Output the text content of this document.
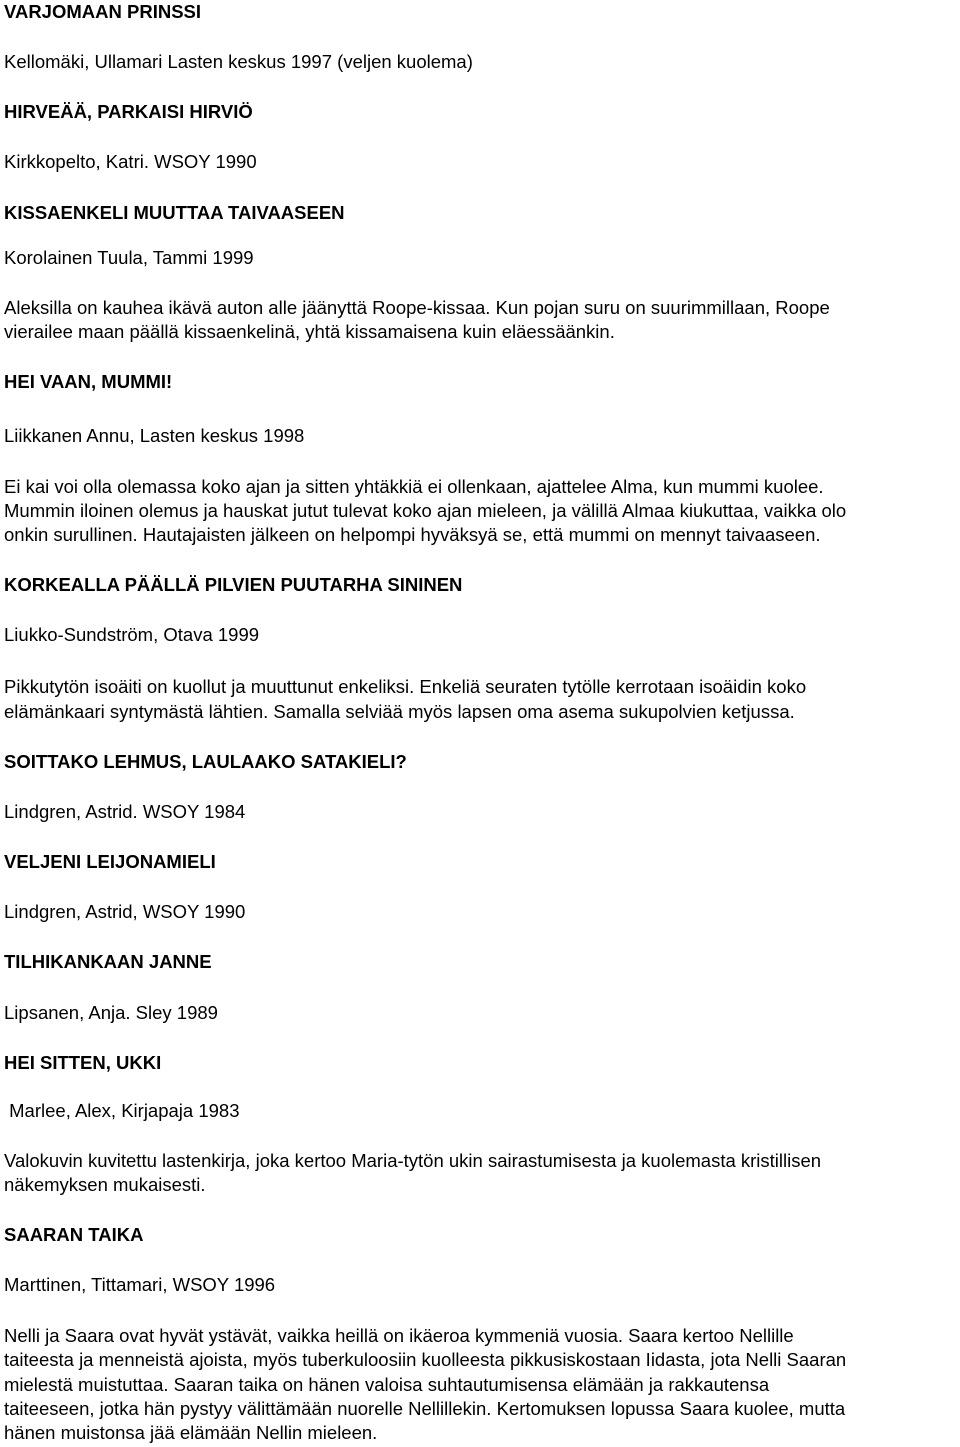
VARJOMAAN PRINSSI
Kellomäki, Ullamari Lasten keskus 1997 (veljen kuolema)
HIRVEÄÄ, PARKAISI HIRVIÖ
Kirkkopelto, Katri. WSOY 1990
KISSAENKELI MUUTTAA TAIVAASEEN
Korolainen Tuula, Tammi 1999
Aleksilla on kauhea ikävä auton alle jäänyttä Roope-kissaa. Kun pojan suru on suurimmillaan, Roope
vierailee maan päällä kissaenkelinä, yhtä kissamaisena kuin eläessäänkin.
HEI VAAN, MUMMI!
Liikkanen Annu, Lasten keskus 1998
Ei kai voi olla olemassa koko ajan ja sitten yhtäkkiä ei ollenkaan, ajattelee Alma, kun mummi kuolee.
Mummin iloinen olemus ja hauskat jutut tulevat koko ajan mieleen, ja välillä Almaa kiukuttaa, vaikka olo
onkin surullinen. Hautajaisten jälkeen on helpompi hyväksyä se, että mummi on mennyt taivaaseen.
KORKEALLA PÄÄLLÄ PILVIEN PUUTARHA SININEN
Liukko-Sundström, Otava 1999
Pikkutytön isoäiti on kuollut ja muuttunut enkeliksi. Enkeliä seuraten tytölle kerrotaan isoäidin koko
elämänkaari syntymästä lähtien. Samalla selviää myös lapsen oma asema sukupolvien ketjussa.
SOITTAKO LEHMUS, LAULAAKO SATAKIELI?
Lindgren, Astrid. WSOY 1984
VELJENI LEIJONAMIELI
Lindgren, Astrid, WSOY 1990
TILHIKANKAAN JANNE
Lipsanen, Anja. Sley 1989
HEI SITTEN, UKKI
Marlee, Alex, Kirjapaja 1983
Valokuvin kuvitettu lastenkirja, joka kertoo Maria-tytön ukin sairastumisesta ja kuolemasta kristillisen
näkemyksen mukaisesti.
SAARAN TAIKA
Marttinen, Tittamari, WSOY 1996
Nelli ja Saara ovat hyvät ystävät, vaikka heillä on ikäeroa kymmeniä vuosia. Saara kertoo Nellille
taiteesta ja menneistä ajoista, myös tuberkuloosiin kuolleesta pikkusiskostaan Iidasta, jota Nelli Saaran
mielestä muistuttaa. Saaran taika on hänen valoisa suhtautumisensa elämään ja rakkautensa
taiteeseen, jotka hän pystyy välittämään nuorelle Nellillekin. Kertomuksen lopussa Saara kuolee, mutta
hänen muistonsa jää elämään Nellin mieleen.
